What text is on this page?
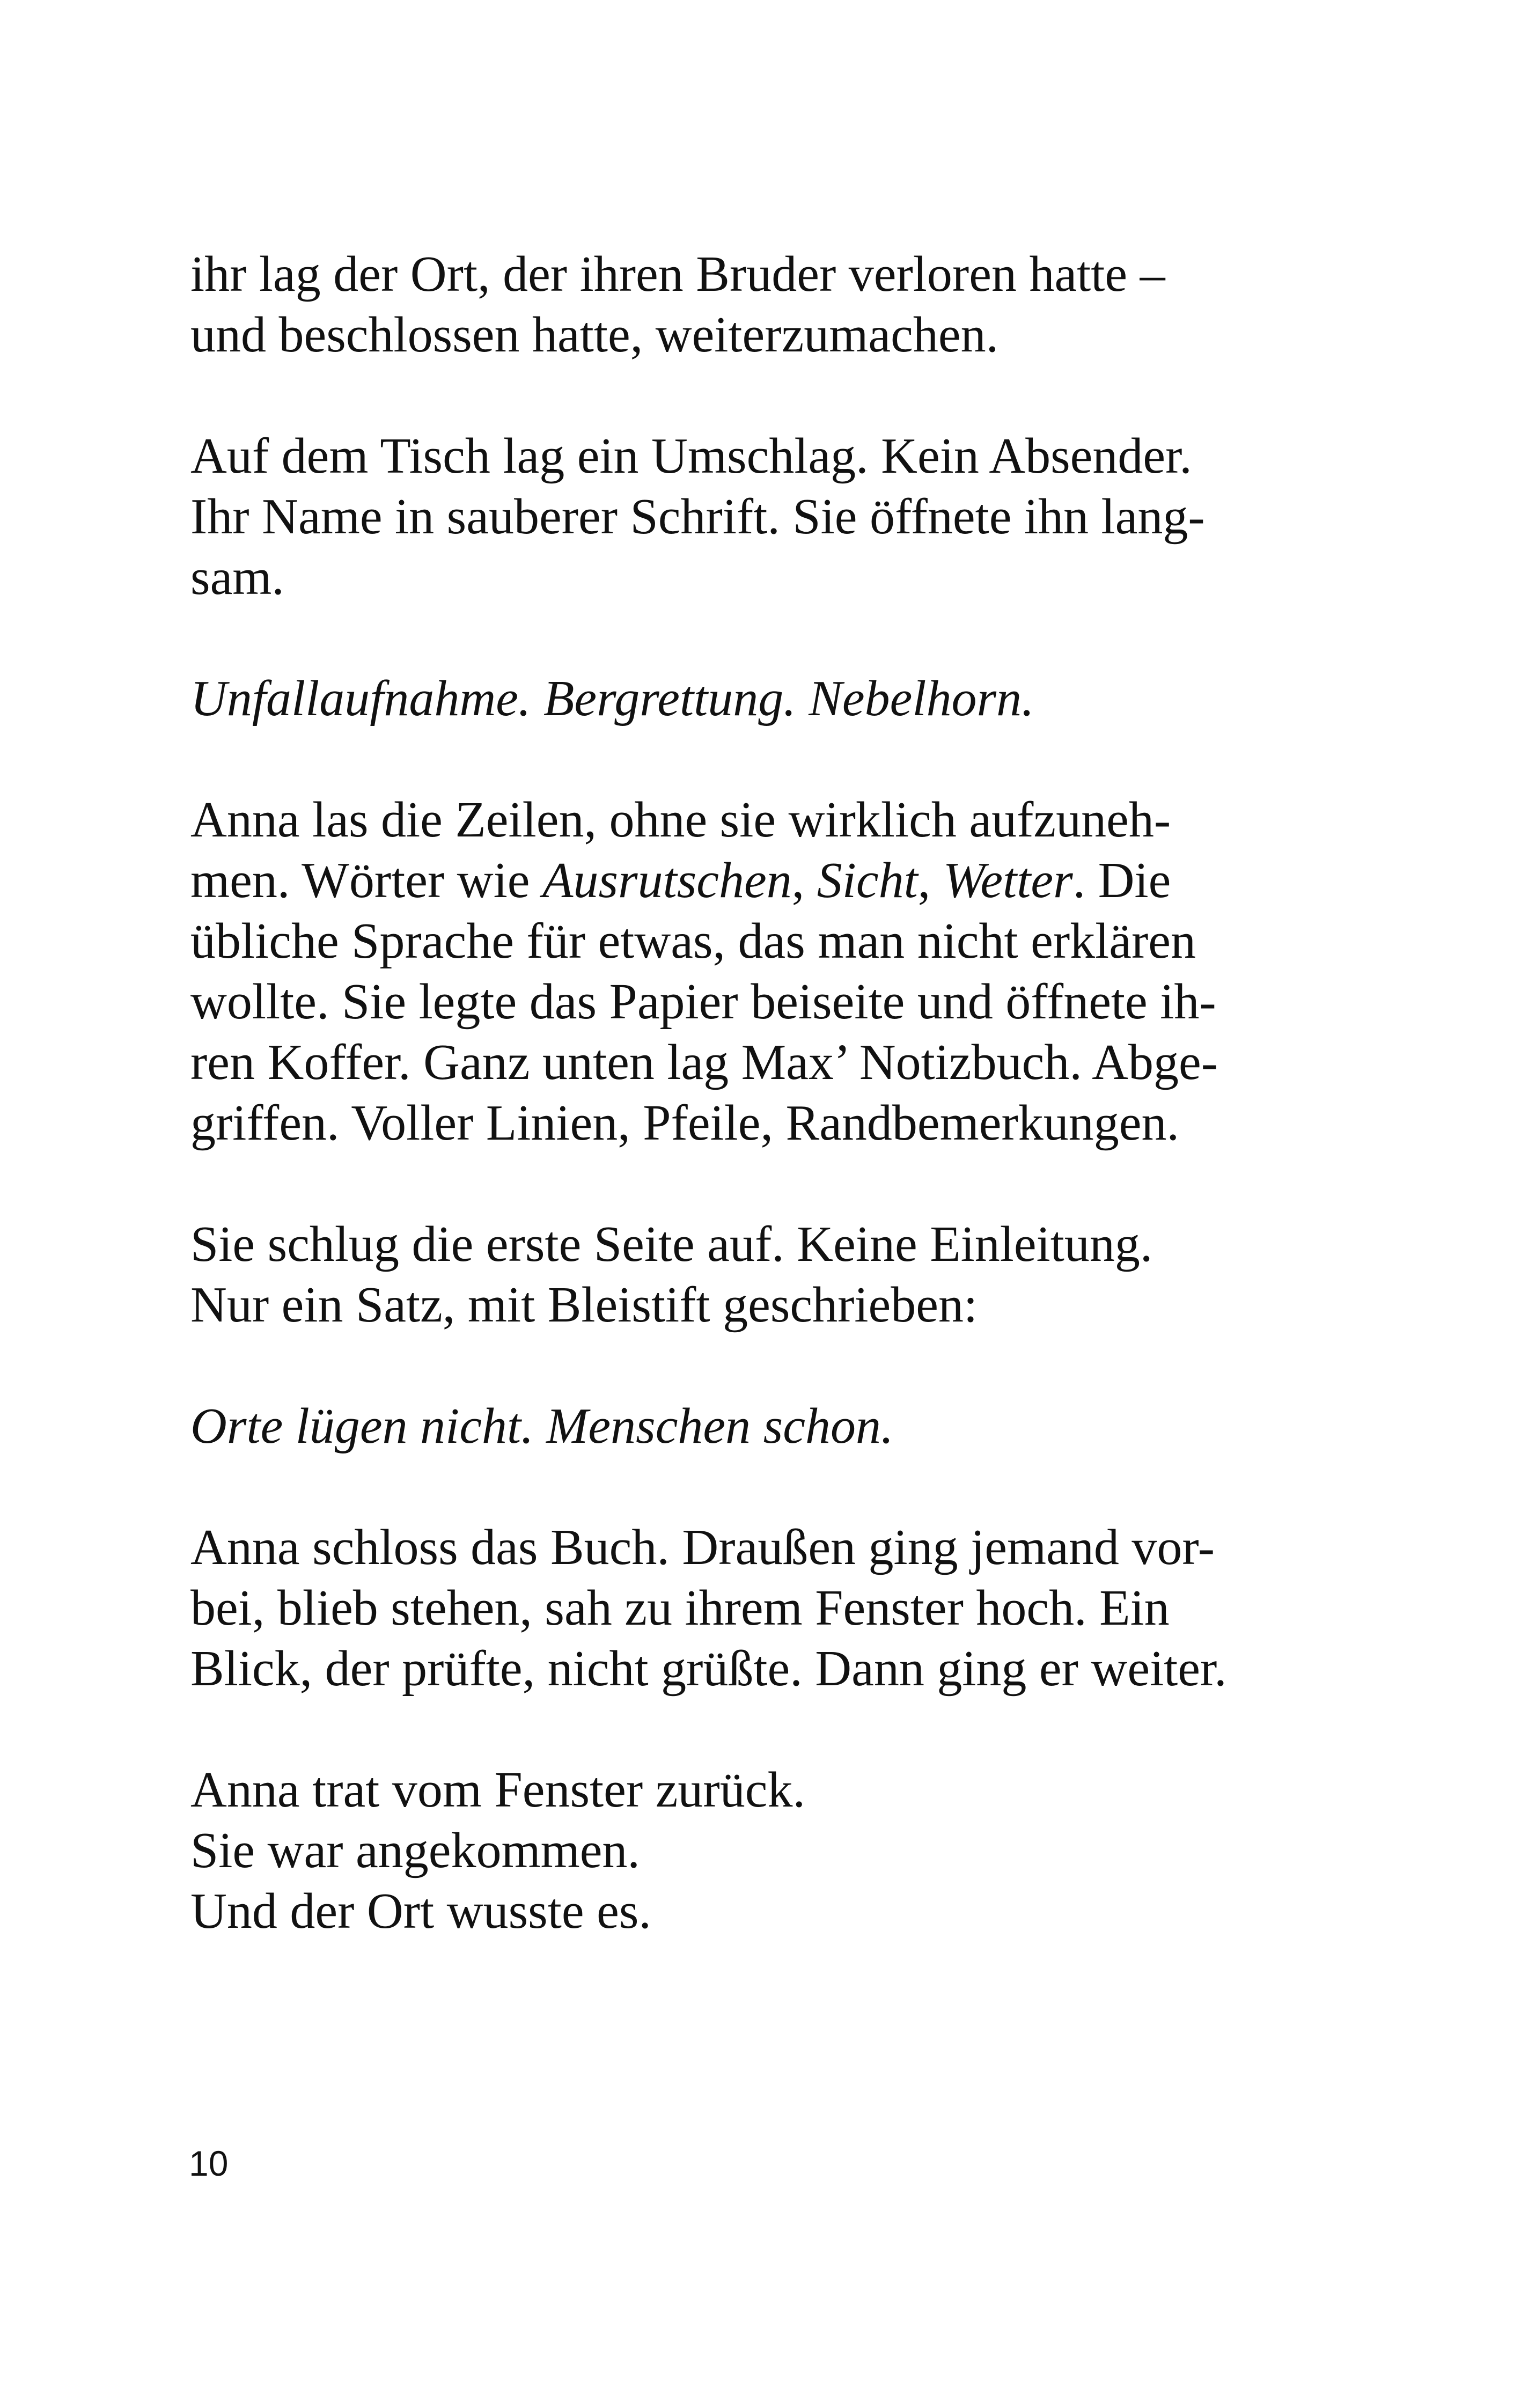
ihr lag der Ort, der ihren Bruder verloren hatte –
und beschlossen hatte, weiterzumachen.

Auf dem Tisch lag ein Umschlag. Kein Absender.
Ihr Name in sauberer Schrift. Sie öffnete ihn lang-
sam.

Unfallaufnahme. Bergrettung. Nebelhorn.

Anna las die Zeilen, ohne sie wirklich aufzuneh-
men. Wörter wie Ausrutschen, Sicht, Wetter. Die
übliche Sprache für etwas, das man nicht erklären
wollte. Sie legte das Papier beiseite und öffnete ih-
ren Koffer. Ganz unten lag Max’ Notizbuch. Abge-
griffen. Voller Linien, Pfeile, Randbemerkungen.

Sie schlug die erste Seite auf. Keine Einleitung.
Nur ein Satz, mit Bleistift geschrieben:

Orte lügen nicht. Menschen schon.

Anna schloss das Buch. Draußen ging jemand vor-
bei, blieb stehen, sah zu ihrem Fenster hoch. Ein
Blick, der prüfte, nicht grüßte. Dann ging er weiter.

Anna trat vom Fenster zurück.
Sie war angekommen.
Und der Ort wusste es.

10
